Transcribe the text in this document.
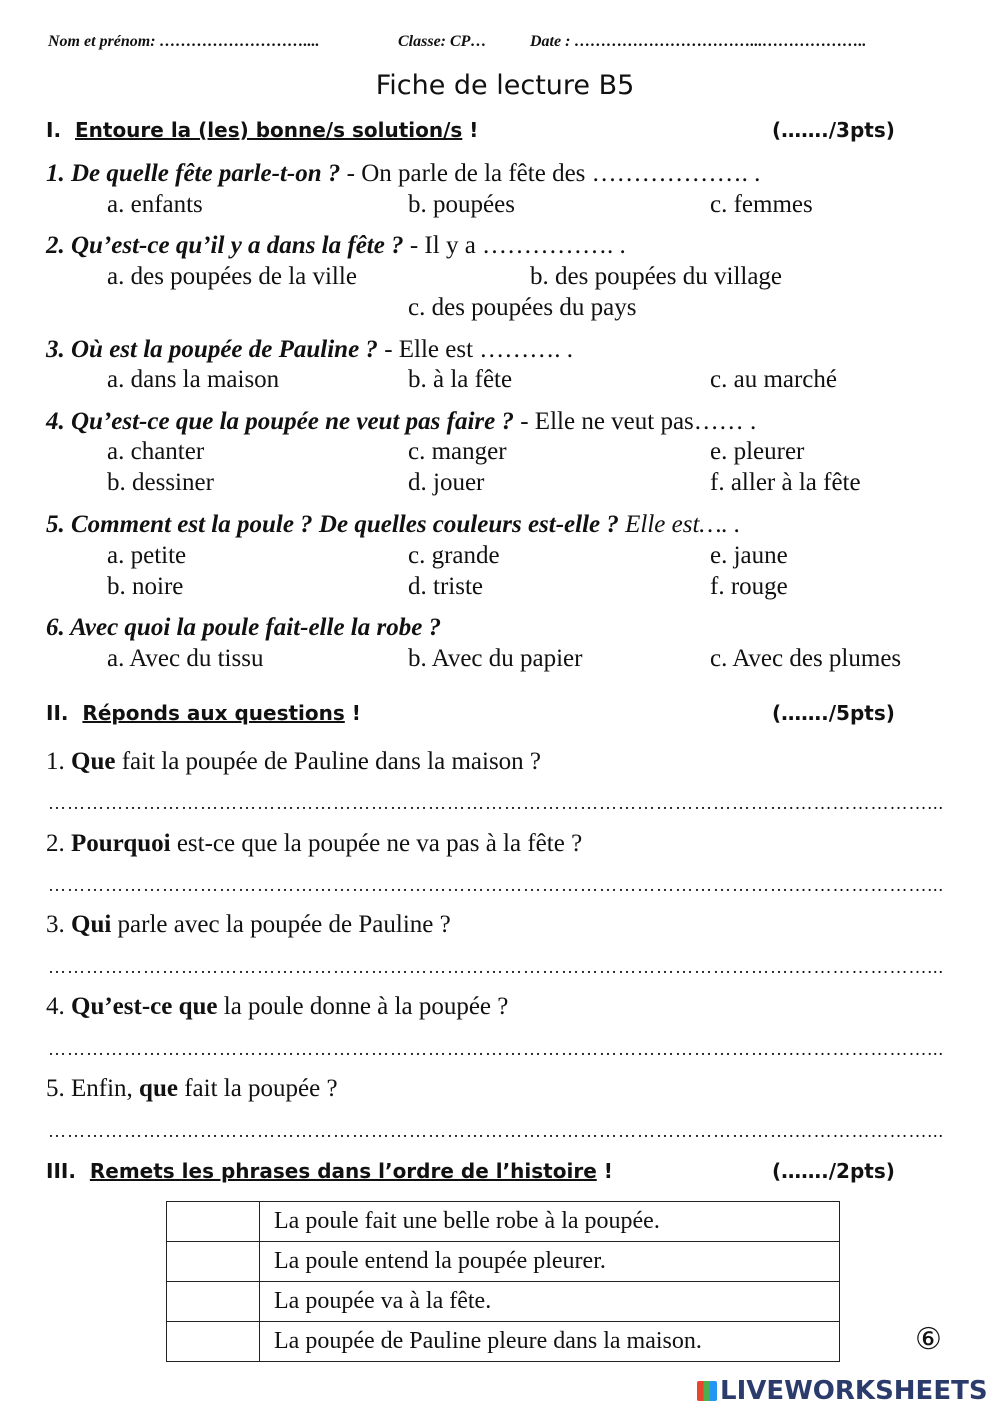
Nom et prénom: ………………………....	Classe: CP…	Date : ……………………………...………………..
Fiche de lecture B5
I. Entoure la (les) bonne/s solution/s !	(……./3pts)
1. De quelle fête parle-t-on ? - On parle de la fête des ………………. .
a. enfants	b. poupées	c. femmes
2. Qu’est-ce qu’il y a dans la fête ? - Il y a ……………. .
a. des poupées de la ville	b. des poupées du village
c. des poupées du pays
3. Où est la poupée de Pauline ? - Elle est ………. .
a. dans la maison	b. à la fête	c. au marché
4. Qu’est-ce que la poupée ne veut pas faire ? - Elle ne veut pas…… .
a. chanter	c. manger	e. pleurer
b. dessiner	d. jouer	f. aller à la fête
5. Comment est la poule ? De quelles couleurs est-elle ? Elle est…. .
a. petite	c. grande	e. jaune
b. noire	d. triste	f. rouge
6. Avec quoi la poule fait-elle la robe ?
a. Avec du tissu	b. Avec du papier	c. Avec des plumes
II. Réponds aux questions !	(……./5pts)
1. Que fait la poupée de Pauline dans la maison ?
……………………………………………………………………………………………………….…………………...
2. Pourquoi est-ce que la poupée ne va pas à la fête ?
……………………………………………………………………………………………………….…………………...
3. Qui parle avec la poupée de Pauline ?
……………………………………………………………………………………………………….…………………...
4. Qu’est-ce que la poule donne à la poupée ?
……………………………………………………………………………………………………….…………………...
5. Enfin, que fait la poupée ?
……………………………………………………………………………………………………….…………………...
III. Remets les phrases dans l’ordre de l’histoire !	(……./2pts)
	La poule fait une belle robe à la poupée.
	La poule entend la poupée pleurer.
	La poupée va à la fête.
	La poupée de Pauline pleure dans la maison.	⑥
LIVEWORKSHEETS
